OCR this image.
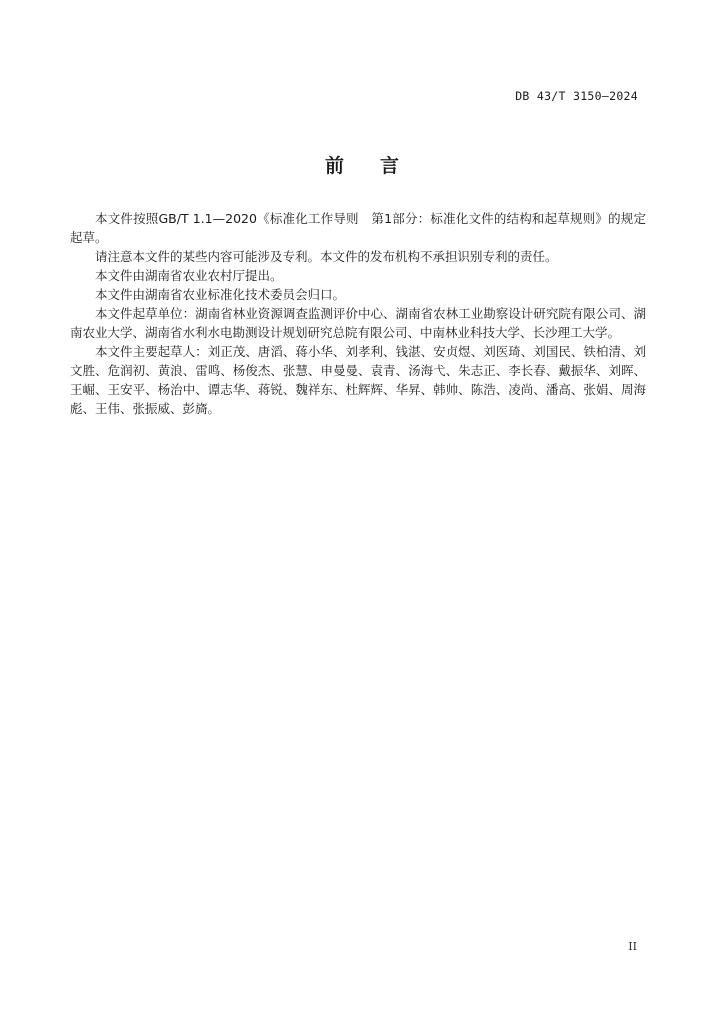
DB 43/T 3150—2024
前言

本文件按照GB/T 1.1—2020《标准化工作导则　第1部分：标准化文件的结构和起草规则》的规定起草。

请注意本文件的某些内容可能涉及专利。本文件的发布机构不承担识别专利的责任。

本文件由湖南省农业农村厅提出。

本文件由湖南省农业标准化技术委员会归口。

本文件起草单位：湖南省林业资源调查监测评价中心、湖南省农林工业勘察设计研究院有限公司、湖南农业大学、湖南省水利水电勘测设计规划研究总院有限公司、中南林业科技大学、长沙理工大学。

本文件主要起草人：刘正茂、唐滔、蒋小华、刘孝利、钱湛、安贞煜、刘医琦、刘国民、铁柏清、刘文胜、危润初、黄浪、雷鸣、杨俊杰、张慧、申曼曼、袁青、汤海弋、朱志正、李长春、戴振华、刘晖、王崛、王安平、杨治中、谭志华、蒋锐、魏祥东、杜辉辉、华昇、韩帅、陈浩、凌尚、潘高、张娟、周海彪、王伟、张振威、彭旖。

II
